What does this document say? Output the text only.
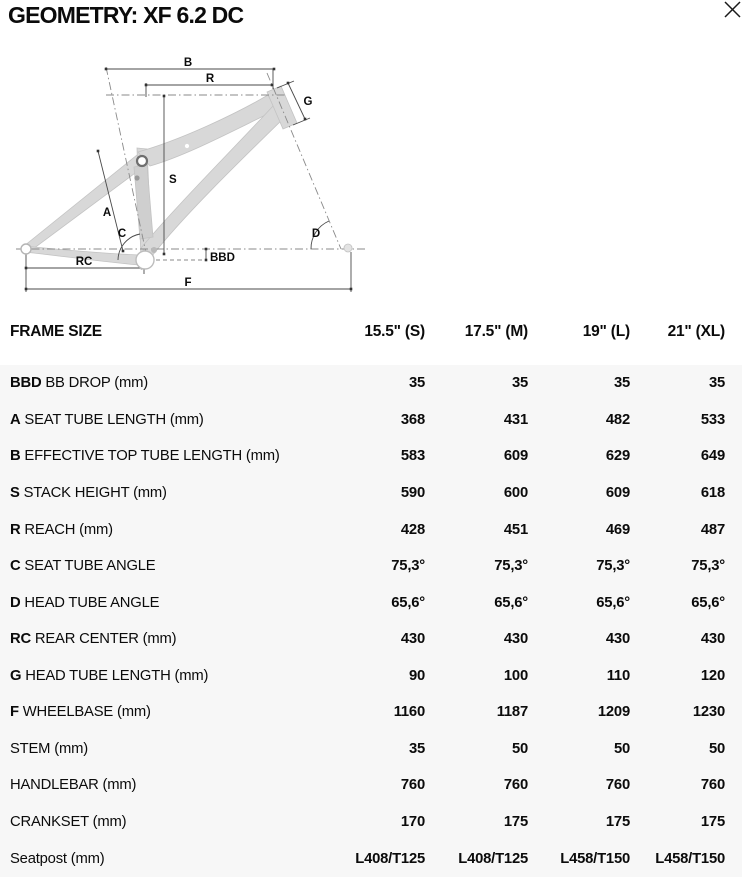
GEOMETRY: XF 6.2 DC
B
R
G
S
A
C	D
BBD
RC
F
FRAME SIZE	15.5" (S)	17.5" (M)	19" (L)	21" (XL)
BBD BB DROP (mm)	35	35	35	35
A SEAT TUBE LENGTH (mm)	368	431	482	533
B EFFECTIVE TOP TUBE LENGTH (mm)	583	609	629	649
S STACK HEIGHT (mm)	590	600	609	618
R REACH (mm)	428	451	469	487
C SEAT TUBE ANGLE	75,3°	75,3°	75,3°	75,3°
D HEAD TUBE ANGLE	65,6°	65,6°	65,6°	65,6°
RC REAR CENTER (mm)	430	430	430	430
G HEAD TUBE LENGTH (mm)	90	100	110	120
F WHEELBASE (mm)	1160	1187	1209	1230
STEM (mm)	35	50	50	50
HANDLEBAR (mm)	760	760	760	760
CRANKSET (mm)	170	175	175	175
Seatpost (mm)	L408/T125	L408/T125	L458/T150	L458/T150
